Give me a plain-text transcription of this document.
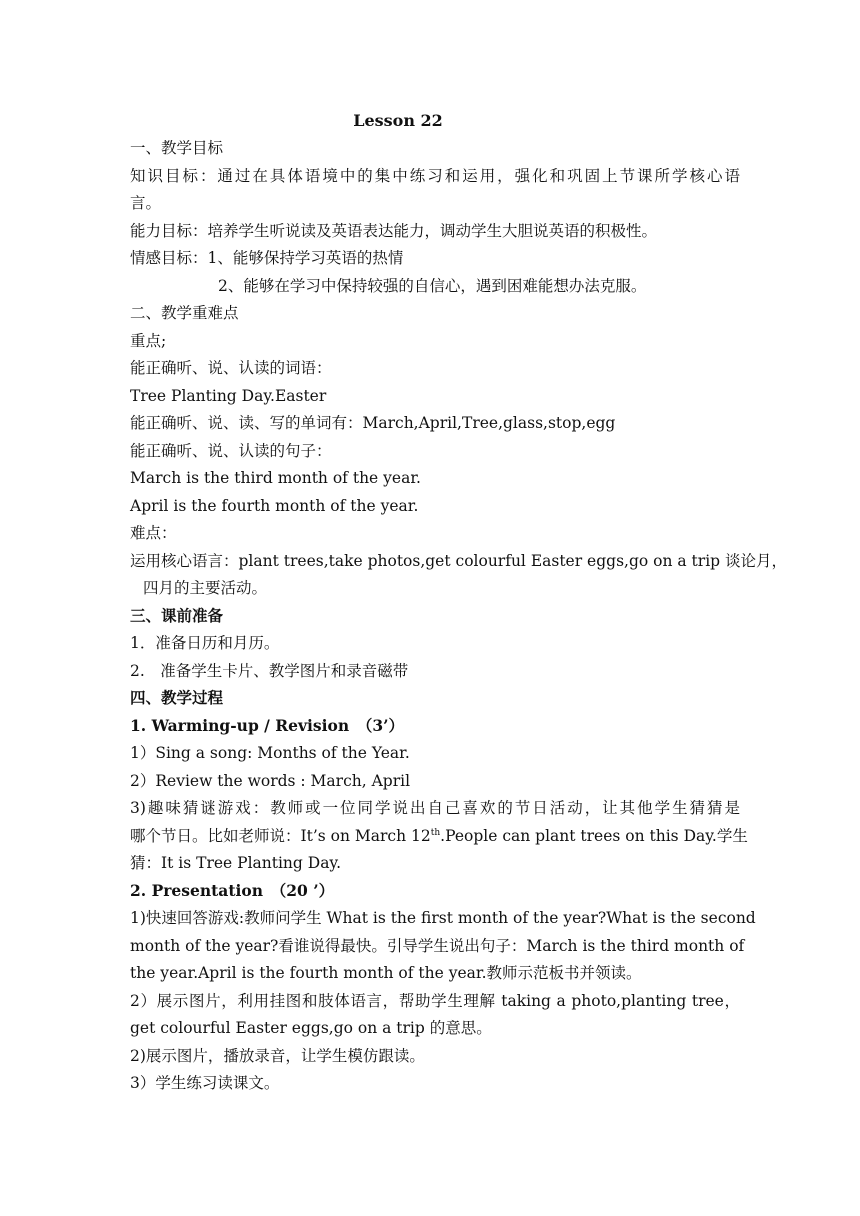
Lesson 22
一、教学目标
知识目标：通过在具体语境中的集中练习和运用，强化和巩固上节课所学核心语
言。
能力目标：培养学生听说读及英语表达能力，调动学生大胆说英语的积极性。
情感目标：1、能够保持学习英语的热情
2、能够在学习中保持较强的自信心，遇到困难能想办法克服。
二、教学重难点
重点;
能正确听、说、认读的词语：
Tree Planting Day.Easter
能正确听、说、读、写的单词有：March,April,Tree,glass,stop,egg
能正确听、说、认读的句子：
March is the third month of the year.
April is the fourth month of the year.
难点：
运用核心语言：plant trees,take photos,get colourful Easter eggs,go on a trip 谈论月，
四月的主要活动。
三、课前准备
1．准备日历和月历。
2.　准备学生卡片、教学图片和录音磁带
四、教学过程
1. Warming-up / Revision　（3’）
1）Sing a song: Months of the Year.
2）Review the words : March, April
3)趣味猜谜游戏：教师或一位同学说出自己喜欢的节日活动，让其他学生猜猜是
哪个节日。比如老师说：It’s on March 12th.People can plant trees on this Day.学生
猜：It is Tree Planting Day.
2. Presentation　（20 ’）
1)快速回答游戏:教师问学生 What is the first month of the year?What is the second
month of the year?看谁说得最快。引导学生说出句子：March is the third month of
the year.April is the fourth month of the year.教师示范板书并领读。
2）展示图片，利用挂图和肢体语言，帮助学生理解 taking a photo,planting tree，
get colourful Easter eggs,go on a trip 的意思。
2)展示图片，播放录音，让学生模仿跟读。
3）学生练习读课文。
